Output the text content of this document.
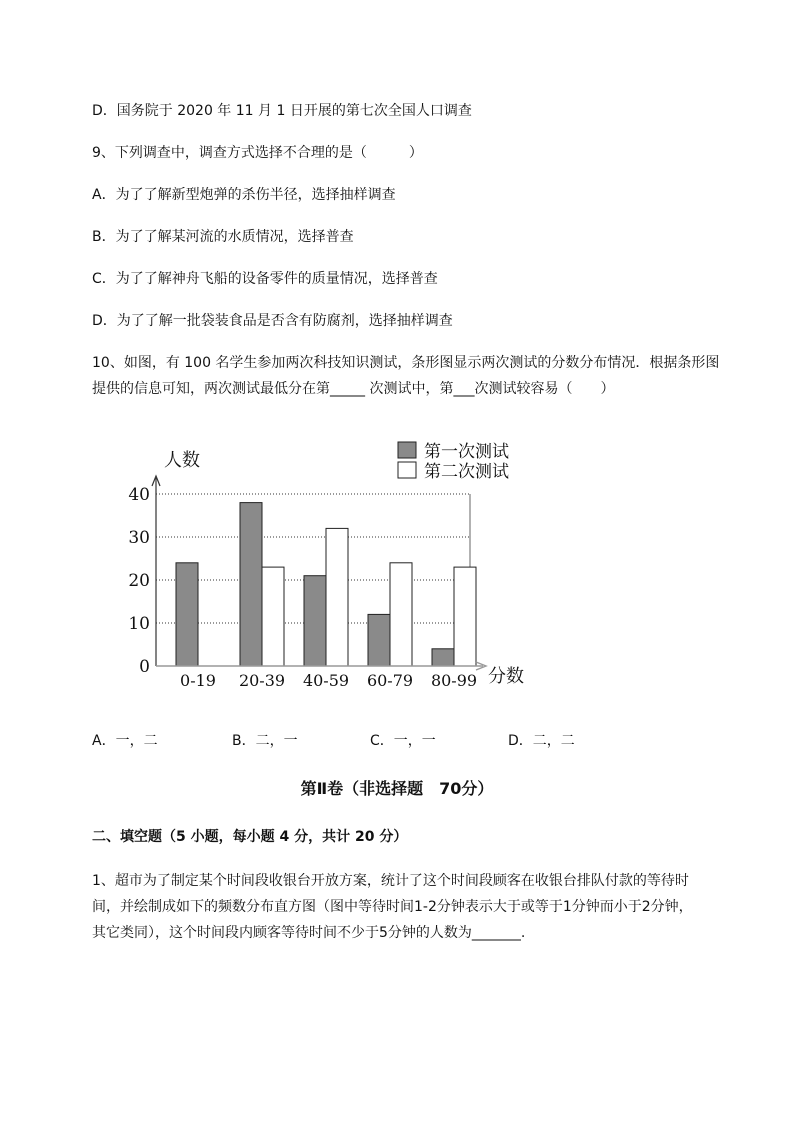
D．国务院于 2020 年 11 月 1 日开展的第七次全国人口调查
9、下列调查中，调查方式选择不合理的是（　　　）
A．为了了解新型炮弹的杀伤半径，选择抽样调查
B．为了了解某河流的水质情况，选择普查
C．为了了解神舟飞船的设备零件的质量情况，选择普查
D．为了了解一批袋装食品是否含有防腐剂，选择抽样调查
10、如图，有 100 名学生参加两次科技知识测试，条形图显示两次测试的分数分布情况．根据条形图
提供的信息可知，两次测试最低分在第_____ 次测试中，第___次测试较容易（　　）
0
10
20
30
40
0-19 20-39 40-59 60-79 80-99
人数
分数
第一次测试
第二次测试
A．一，二	B．二，一	C．一，一	D．二，二
第Ⅱ卷（非选择题　70分）
二、填空题（5 小题，每小题 4 分，共计 20 分）
1、超市为了制定某个时间段收银台开放方案，统计了这个时间段顾客在收银台排队付款的等待时
间，并绘制成如下的频数分布直方图（图中等待时间1-2分钟表示大于或等于1分钟而小于2分钟，
其它类同），这个时间段内顾客等待时间不少于5分钟的人数为_______.
